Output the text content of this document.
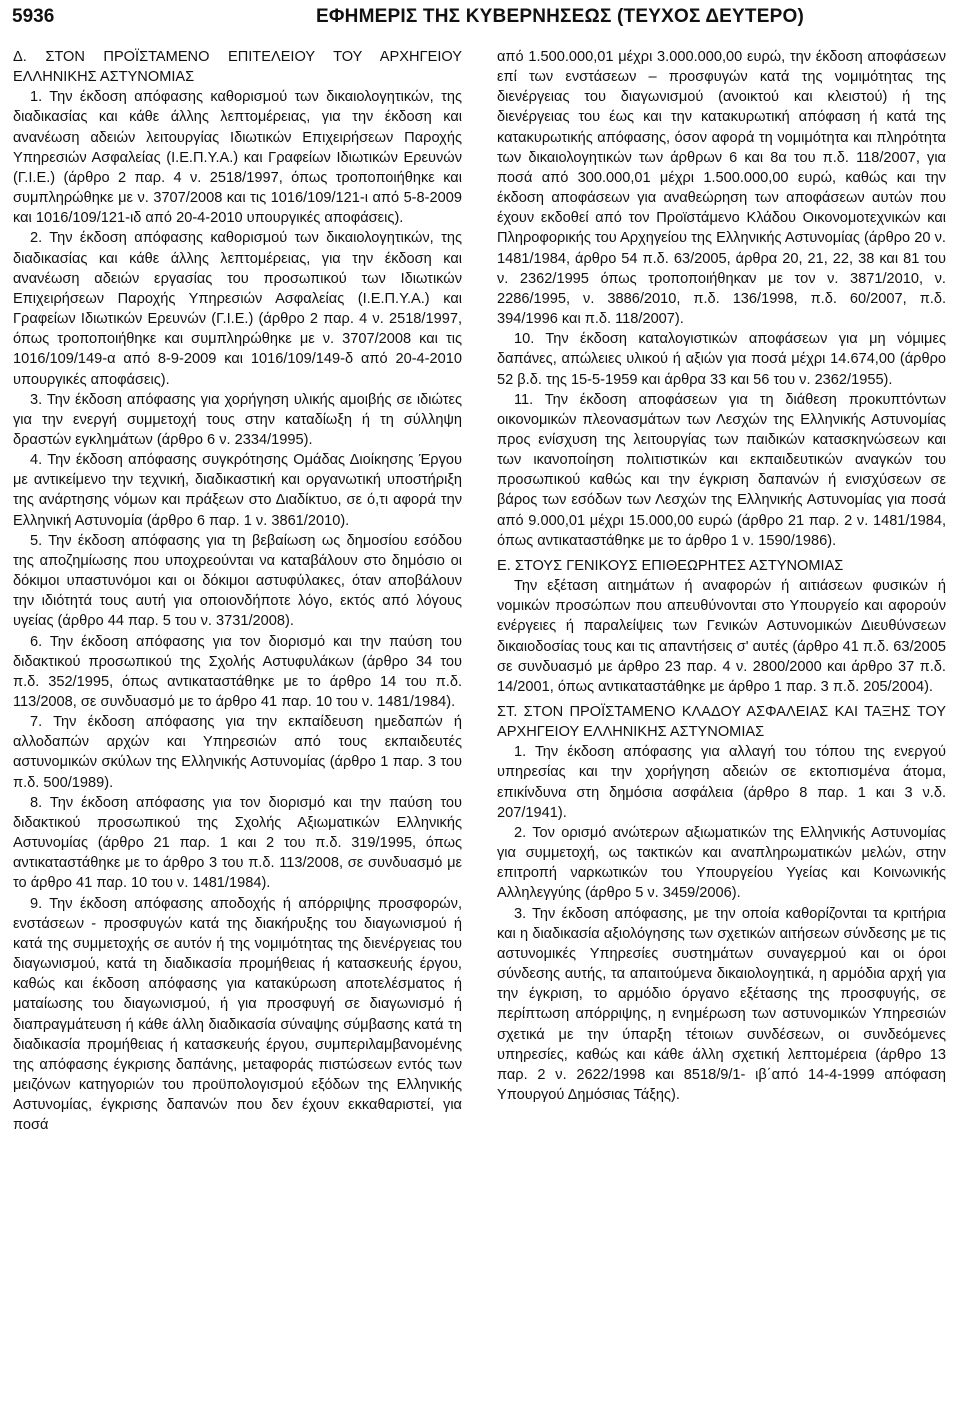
5936	ΕΦΗΜΕΡΙΣ ΤΗΣ ΚΥΒΕΡΝΗΣΕΩΣ (ΤΕΥΧΟΣ ΔΕΥΤΕΡΟ)

Δ. ΣΤΟΝ ΠΡΟΪΣΤΑΜΕΝΟ ΕΠΙΤΕΛΕΙΟΥ ΤΟΥ ΑΡΧΗΓΕΙΟΥ ΕΛΛΗΝΙΚΗΣ ΑΣΤΥΝΟΜΙΑΣ

1. Την έκδοση απόφασης καθορισμού των δικαιολογητικών, της διαδικασίας και κάθε άλλης λεπτομέρειας, για την έκδοση και ανανέωση αδειών λειτουργίας Ιδιωτικών Επιχειρήσεων Παροχής Υπηρεσιών Ασφαλείας (Ι.Ε.Π.Υ.Α.) και Γραφείων Ιδιωτικών Ερευνών (Γ.Ι.Ε.) (άρθρο 2 παρ. 4 ν. 2518/1997, όπως τροποποιήθηκε και συμπληρώθηκε με ν. 3707/2008 και τις 1016/109/121-ι από 5-8-2009 και 1016/109/121-ιδ από 20-4-2010 υπουργικές αποφάσεις).

2. Την έκδοση απόφασης καθορισμού των δικαιολογητικών, της διαδικασίας και κάθε άλλης λεπτομέρειας, για την έκδοση και ανανέωση αδειών εργασίας του προσωπικού των Ιδιωτικών Επιχειρήσεων Παροχής Υπηρεσιών Ασφαλείας (Ι.Ε.Π.Υ.Α.) και Γραφείων Ιδιωτικών Ερευνών (Γ.Ι.Ε.) (άρθρο 2 παρ. 4 ν. 2518/1997, όπως τροποποιήθηκε και συμπληρώθηκε με ν. 3707/2008 και τις 1016/109/149-α από 8-9-2009 και 1016/109/149-δ από 20-4-2010 υπουργικές αποφάσεις).

3. Την έκδοση απόφασης για χορήγηση υλικής αμοιβής σε ιδιώτες για την ενεργή συμμετοχή τους στην καταδίωξη ή τη σύλληψη δραστών εγκλημάτων (άρθρο 6 ν. 2334/1995).

4. Την έκδοση απόφασης συγκρότησης Ομάδας Διοίκησης Έργου με αντικείμενο την τεχνική, διαδικαστική και οργανωτική υποστήριξη της ανάρτησης νόμων και πράξεων στο Διαδίκτυο, σε ό,τι αφορά την Ελληνική Αστυνομία (άρθρο 6 παρ. 1 ν. 3861/2010).

5. Την έκδοση απόφασης για τη βεβαίωση ως δημοσίου εσόδου της αποζημίωσης που υποχρεούνται να καταβάλουν στο δημόσιο οι δόκιμοι υπαστυνόμοι και οι δόκιμοι αστυφύλακες, όταν αποβάλουν την ιδιότητά τους αυτή για οποιονδήποτε λόγο, εκτός από λόγους υγείας (άρθρο 44 παρ. 5 του ν. 3731/2008).

6. Την έκδοση απόφασης για τον διορισμό και την παύση του διδακτικού προσωπικού της Σχολής Αστυφυλάκων (άρθρο 34 του π.δ. 352/1995, όπως αντικαταστάθηκε με το άρθρο 14 του π.δ. 113/2008, σε συνδυασμό με το άρθρο 41 παρ. 10 του ν. 1481/1984).

7. Την έκδοση απόφασης για την εκπαίδευση ημεδαπών ή αλλοδαπών αρχών και Υπηρεσιών από τους εκπαιδευτές αστυνομικών σκύλων της Ελληνικής Αστυνομίας (άρθρο 1 παρ. 3 του π.δ. 500/1989).

8. Την έκδοση απόφασης για τον διορισμό και την παύση του διδακτικού προσωπικού της Σχολής Αξιωματικών Ελληνικής Αστυνομίας (άρθρο 21 παρ. 1 και 2 του π.δ. 319/1995, όπως αντικαταστάθηκε με το άρθρο 3 του π.δ. 113/2008, σε συνδυασμό με το άρθρο 41 παρ. 10 του ν. 1481/1984).

9. Την έκδοση απόφασης αποδοχής ή απόρριψης προσφορών, ενστάσεων - προσφυγών κατά της διακήρυξης του διαγωνισμού ή κατά της συμμετοχής σε αυτόν ή της νομιμότητας της διενέργειας του διαγωνισμού, κατά τη διαδικασία προμήθειας ή κατασκευής έργου, καθώς και έκδοση απόφασης για κατακύρωση αποτελέσματος ή ματαίωσης του διαγωνισμού, ή για προσφυγή σε διαγωνισμό ή διαπραγμάτευση ή κάθε άλλη διαδικασία σύναψης σύμβασης κατά τη διαδικασία προμήθειας ή κατασκευής έργου, συμπεριλαμβανομένης της απόφασης έγκρισης δαπάνης, μεταφοράς πιστώσεων εντός των μειζόνων κατηγοριών του προϋπολογισμού εξόδων της Ελληνικής Αστυνομίας, έγκρισης δαπανών που δεν έχουν εκκαθαριστεί, για ποσά

από 1.500.000,01 μέχρι 3.000.000,00 ευρώ, την έκδοση αποφάσεων επί των ενστάσεων – προσφυγών κατά της νομιμότητας της διενέργειας του διαγωνισμού (ανοικτού και κλειστού) ή της διενέργειας του έως και την κατακυρωτική απόφαση ή κατά της κατακυρωτικής απόφασης, όσον αφορά τη νομιμότητα και πληρότητα των δικαιολογητικών των άρθρων 6 και 8α του π.δ. 118/2007, για ποσά από 300.000,01 μέχρι 1.500.000,00 ευρώ, καθώς και την έκδοση αποφάσεων για αναθεώρηση των αποφάσεων αυτών που έχουν εκδοθεί από τον Προϊστάμενο Κλάδου Οικονομοτεχνικών και Πληροφορικής του Αρχηγείου της Ελληνικής Αστυνομίας (άρθρο 20 ν. 1481/1984, άρθρο 54 π.δ. 63/2005, άρθρα 20, 21, 22, 38 και 81 του ν. 2362/1995 όπως τροποποιήθηκαν με τον ν. 3871/2010, ν. 2286/1995, ν. 3886/2010, π.δ. 136/1998, π.δ. 60/2007, π.δ. 394/1996 και π.δ. 118/2007).

10. Την έκδοση καταλογιστικών αποφάσεων για μη νόμιμες δαπάνες, απώλειες υλικού ή αξιών για ποσά μέχρι 14.674,00 (άρθρο 52 β.δ. της 15-5-1959 και άρθρα 33 και 56 του ν. 2362/1955).

11. Την έκδοση αποφάσεων για τη διάθεση προκυπτόντων οικονομικών πλεονασμάτων των Λεσχών της Ελληνικής Αστυνομίας προς ενίσχυση της λειτουργίας των παιδικών κατασκηνώσεων και των ικανοποίηση πολιτιστικών και εκπαιδευτικών αναγκών του προσωπικού καθώς και την έγκριση δαπανών ή ενισχύσεων σε βάρος των εσόδων των Λεσχών της Ελληνικής Αστυνομίας για ποσά από 9.000,01 μέχρι 15.000,00 ευρώ (άρθρο 21 παρ. 2 ν. 1481/1984, όπως αντικαταστάθηκε με το άρθρο 1 ν. 1590/1986).

Ε. ΣΤΟΥΣ ΓΕΝΙΚΟΥΣ ΕΠΙΘΕΩΡΗΤΕΣ ΑΣΤΥΝΟΜΙΑΣ

Την εξέταση αιτημάτων ή αναφορών ή αιτιάσεων φυσικών ή νομικών προσώπων που απευθύνονται στο Υπουργείο και αφορούν ενέργειες ή παραλείψεις των Γενικών Αστυνομικών Διευθύνσεων δικαιοδοσίας τους και τις απαντήσεις σ' αυτές (άρθρο 41 π.δ. 63/2005 σε συνδυασμό με άρθρο 23 παρ. 4 ν. 2800/2000 και άρθρο 37 π.δ. 14/2001, όπως αντικαταστάθηκε με άρθρο 1 παρ. 3 π.δ. 205/2004).

ΣΤ. ΣΤΟΝ ΠΡΟΪΣΤΑΜΕΝΟ ΚΛΑΔΟΥ ΑΣΦΑΛΕΙΑΣ ΚΑΙ ΤΑΞΗΣ ΤΟΥ ΑΡΧΗΓΕΙΟΥ ΕΛΛΗΝΙΚΗΣ ΑΣΤΥΝΟΜΙΑΣ

1. Την έκδοση απόφασης για αλλαγή του τόπου της ενεργού υπηρεσίας και την χορήγηση αδειών σε εκτοπισμένα άτομα, επικίνδυνα στη δημόσια ασφάλεια (άρθρο 8 παρ. 1 και 3 ν.δ. 207/1941).

2. Τον ορισμό ανώτερων αξιωματικών της Ελληνικής Αστυνομίας για συμμετοχή, ως τακτικών και αναπληρωματικών μελών, στην επιτροπή ναρκωτικών του Υπουργείου Υγείας και Κοινωνικής Αλληλεγγύης (άρθρο 5 ν. 3459/2006).

3. Την έκδοση απόφασης, με την οποία καθορίζονται τα κριτήρια και η διαδικασία αξιολόγησης των σχετικών αιτήσεων σύνδεσης με τις αστυνομικές Υπηρεσίες συστημάτων συναγερμού και οι όροι σύνδεσης αυτής, τα απαιτούμενα δικαιολογητικά, η αρμόδια αρχή για την έγκριση, το αρμόδιο όργανο εξέτασης της προσφυγής, σε περίπτωση απόρριψης, η ενημέρωση των αστυνομικών Υπηρεσιών σχετικά με την ύπαρξη τέτοιων συνδέσεων, οι συνδεόμενες υπηρεσίες, καθώς και κάθε άλλη σχετική λεπτομέρεια (άρθρο 13 παρ. 2 ν. 2622/1998 και 8518/9/1- ιβ΄από 14-4-1999 απόφαση Υπουργού Δημόσιας Τάξης).
